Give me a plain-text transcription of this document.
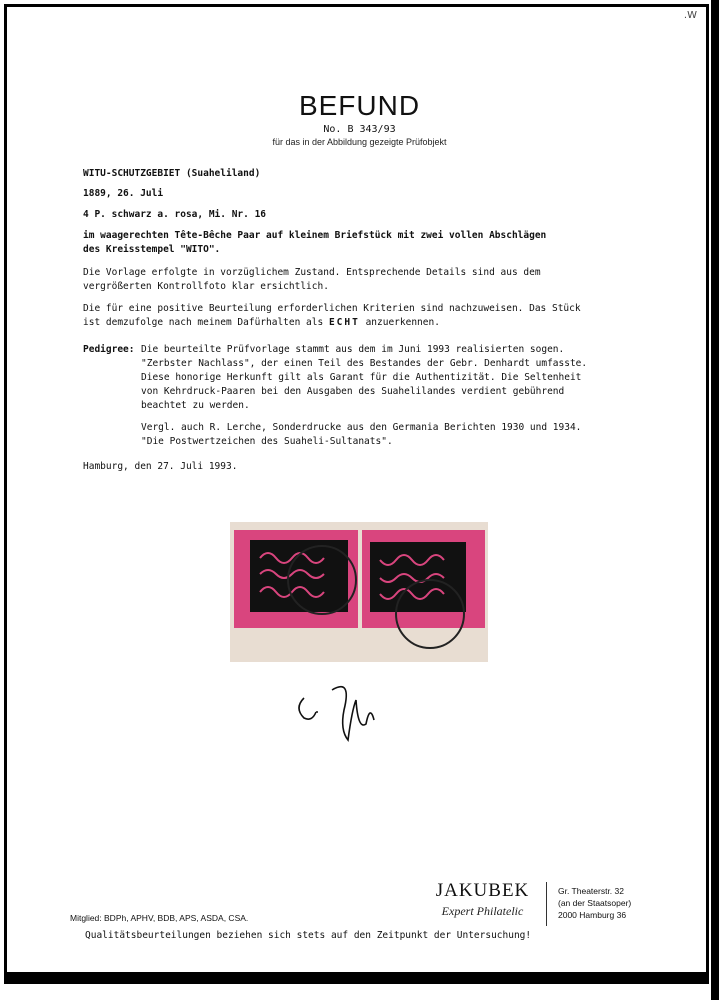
.W
BEFUND
No. B 343/93
für das in der Abbildung gezeigte Prüfobjekt
WITU-SCHUTZGEBIET (Suaheliland)
1889, 26. Juli
4 P. schwarz a. rosa, Mi. Nr. 16
im waagerechten Tête-Bêche Paar auf kleinem Briefstück mit zwei vollen Abschlägen
des Kreisstempel "WITO".
Die Vorlage erfolgte in vorzüglichem Zustand. Entsprechende Details sind aus dem
vergrößerten Kontrollfoto klar ersichtlich.
Die für eine positive Beurteilung erforderlichen Kriterien sind nachzuweisen. Das Stück
ist demzufolge nach meinem Dafürhalten als ECHT anzuerkennen.
Pedigree: Die beurteilte Prüfvorlage stammt aus dem im Juni 1993 realisierten sogen.
"Zerbster Nachlass", der einen Teil des Bestandes der Gebr. Denhardt umfasste.
Diese honorige Herkunft gilt als Garant für die Authentizität. Die Seltenheit
von Kehrdruck-Paaren bei den Ausgaben des Suahelilandes verdient gebührend
beachtet zu werden.
Vergl. auch R. Lerche, Sonderdrucke aus den Germania Berichten 1930 und 1934.
"Die Postwertzeichen des Suaheli-Sultanats".
Hamburg, den 27. Juli 1993.
JAKUBEK
Expert Philatelic
Gr. Theaterstr. 32
(an der Staatsoper)
2000 Hamburg 36
Mitglied: BDPh, APHV, BDB, APS, ASDA, CSA.
Qualitätsbeurteilungen beziehen sich stets auf den Zeitpunkt der Untersuchung!
